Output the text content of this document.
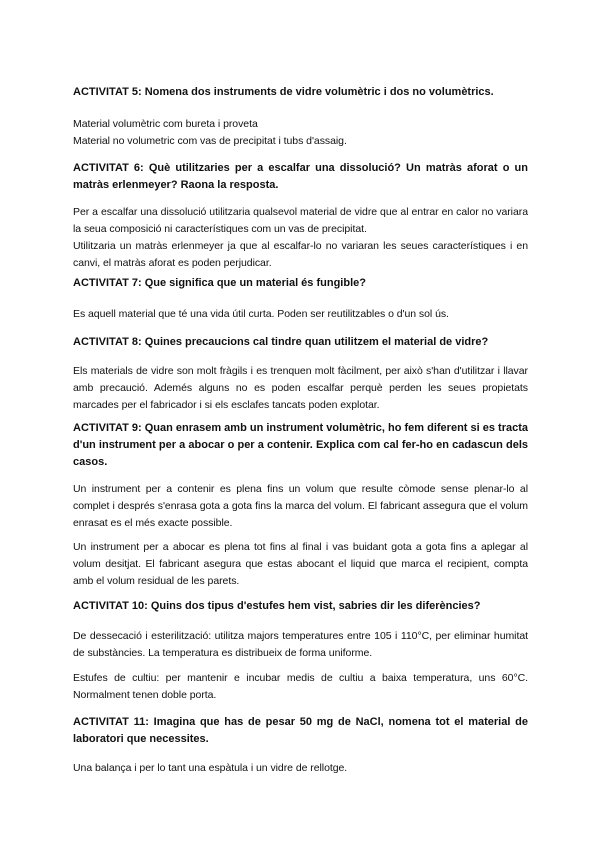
ACTIVITAT 5: Nomena dos instruments de vidre volumètric i dos no volumètrics.

Material volumètric com bureta i proveta
Material no volumetric com vas de precipitat i tubs d'assaig.

ACTIVITAT 6: Què utilitzaries per a escalfar una dissolució? Un matràs aforat o un matràs erlenmeyer? Raona la resposta.

Per a escalfar una dissolució utilitzaria qualsevol material de vidre que al entrar en calor no variara la seua composició ni característiques com un vas de precipitat.
Utilitzaria un matràs erlenmeyer ja que al escalfar-lo no variaran les seues característiques i en canvi, el matràs aforat es poden perjudicar.

ACTIVITAT 7: Que significa que un material és fungible?

Es aquell material que té una vida útil curta. Poden ser reutilitzables o d'un sol ús.

ACTIVITAT 8: Quines precaucions cal tindre quan utilitzem el material de vidre?

Els materials de vidre son molt fràgils i es trenquen molt fàcilment, per això s'han d'utilitzar i llavar amb precaució. Ademés alguns no es poden escalfar perquè perden les seues propietats marcades per el fabricador i si els esclafes tancats poden explotar.

ACTIVITAT 9: Quan enrasem amb un instrument volumètric, ho fem diferent si es tracta d'un instrument per a abocar o per a contenir. Explica com cal fer-ho en cadascun dels casos.

Un instrument per a contenir es plena fins un volum que resulte còmode sense plenar-lo al complet i després s'enrasa gota a gota fins la marca del volum. El fabricant assegura que el volum enrasat es el més exacte possible.

Un instrument per a abocar es plena tot fins al final i vas buidant gota a gota fins a aplegar al volum desitjat. El fabricant asegura que estas abocant el liquid que marca el recipient, compta amb el volum residual de les parets.

ACTIVITAT 10: Quins dos tipus d'estufes hem vist, sabries dir les diferències?

De dessecació i esterilització: utilitza majors temperatures entre 105 i 110°C, per eliminar humitat de substàncies. La temperatura es distribueix de forma uniforme.

Estufes de cultiu: per mantenir e incubar medis de cultiu a baixa temperatura, uns 60°C. Normalment tenen doble porta.

ACTIVITAT 11: Imagina que has de pesar 50 mg de NaCl, nomena tot el material de laboratori que necessites.

Una balança i per lo tant una espàtula i un vidre de rellotge.
